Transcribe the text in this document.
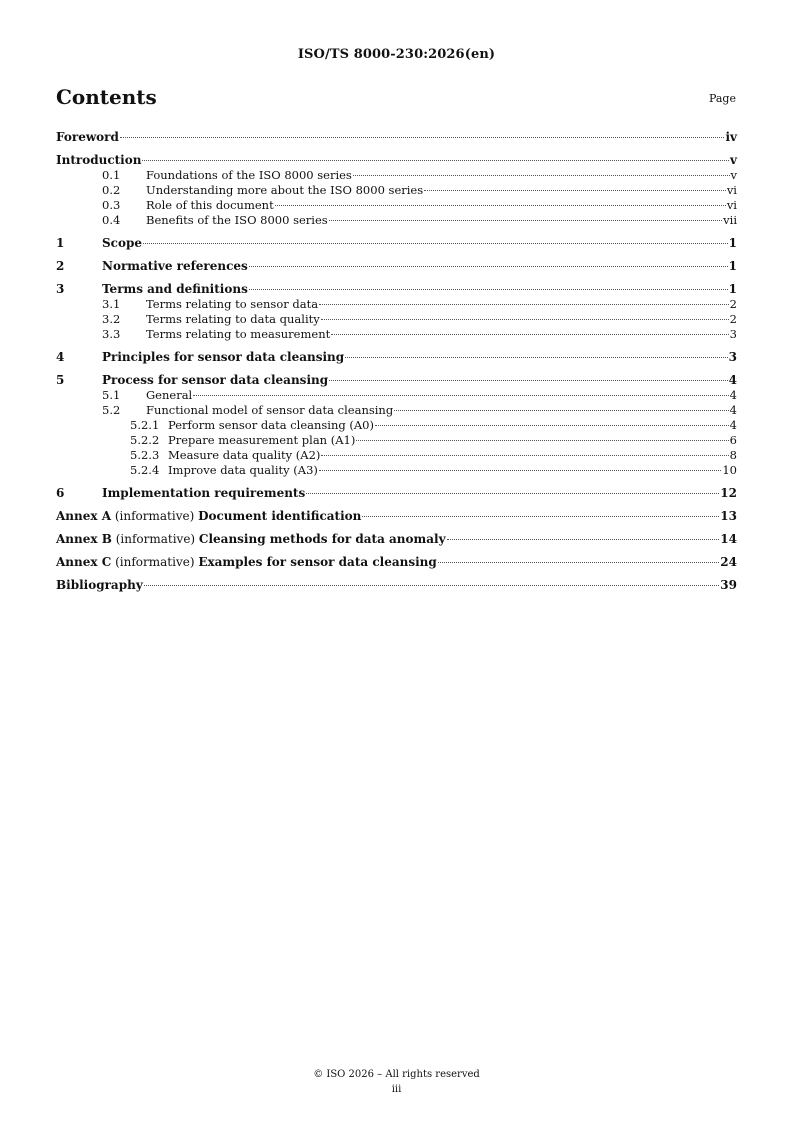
ISO/TS 8000-230:2026(en)
Contents	Page
Foreword	iv
Introduction	v
0.1	Foundations of the ISO 8000 series	v
0.2	Understanding more about the ISO 8000 series	vi
0.3	Role of this document	vi
0.4	Benefits of the ISO 8000 series	vii
1	Scope	1
2	Normative references	1
3	Terms and definitions	1
3.1	Terms relating to sensor data	2
3.2	Terms relating to data quality	2
3.3	Terms relating to measurement	3
4	Principles for sensor data cleansing	3
5	Process for sensor data cleansing	4
5.1	General	4
5.2	Functional model of sensor data cleansing	4
5.2.1 Perform sensor data cleansing (A0)	4
5.2.2 Prepare measurement plan (A1)	6
5.2.3 Measure data quality (A2)	8
5.2.4 Improve data quality (A3)	10
6	Implementation requirements	12
Annex A (informative) Document identification	13
Annex B (informative) Cleansing methods for data anomaly	14
Annex C (informative) Examples for sensor data cleansing	24
Bibliography	39
© ISO 2026 – All rights reserved
iii
